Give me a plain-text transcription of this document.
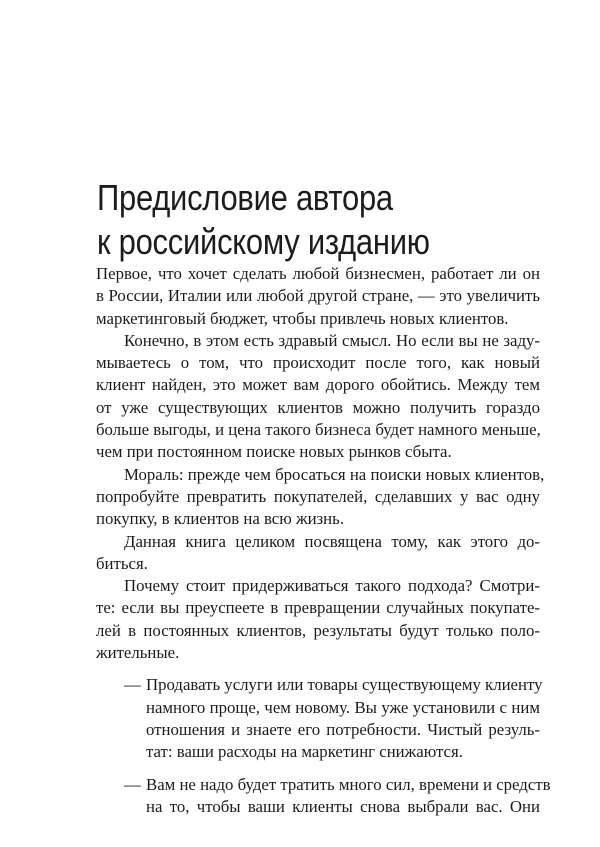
Предисловие автора
к российскому изданию
Первое, что хочет сделать любой бизнесмен, работает ли он
в России, Италии или любой другой стране, — это увеличить
маркетинговый бюджет, чтобы привлечь новых клиентов.
Конечно, в этом есть здравый смысл. Но если вы не заду-
мываетесь о том, что происходит после того, как новый
клиент найден, это может вам дорого обойтись. Между тем
от уже существующих клиентов можно получить гораздо
больше выгоды, и цена такого бизнеса будет намного меньше,
чем при постоянном поиске новых рынков сбыта.
Мораль: прежде чем бросаться на поиски новых клиентов,
попробуйте превратить покупателей, сделавших у вас одну
покупку, в клиентов на всю жизнь.
Данная книга целиком посвящена тому, как этого до-
биться.
Почему стоит придерживаться такого подхода? Смотри-
те: если вы преуспеете в превращении случайных покупате-
лей в постоянных клиентов, результаты будут только поло-
жительные.
— Продавать услуги или товары существующему клиенту
намного проще, чем новому. Вы уже установили с ним
отношения и знаете его потребности. Чистый резуль-
тат: ваши расходы на маркетинг снижаются.
— Вам не надо будет тратить много сил, времени и средств
на то, чтобы ваши клиенты снова выбрали вас. Они
